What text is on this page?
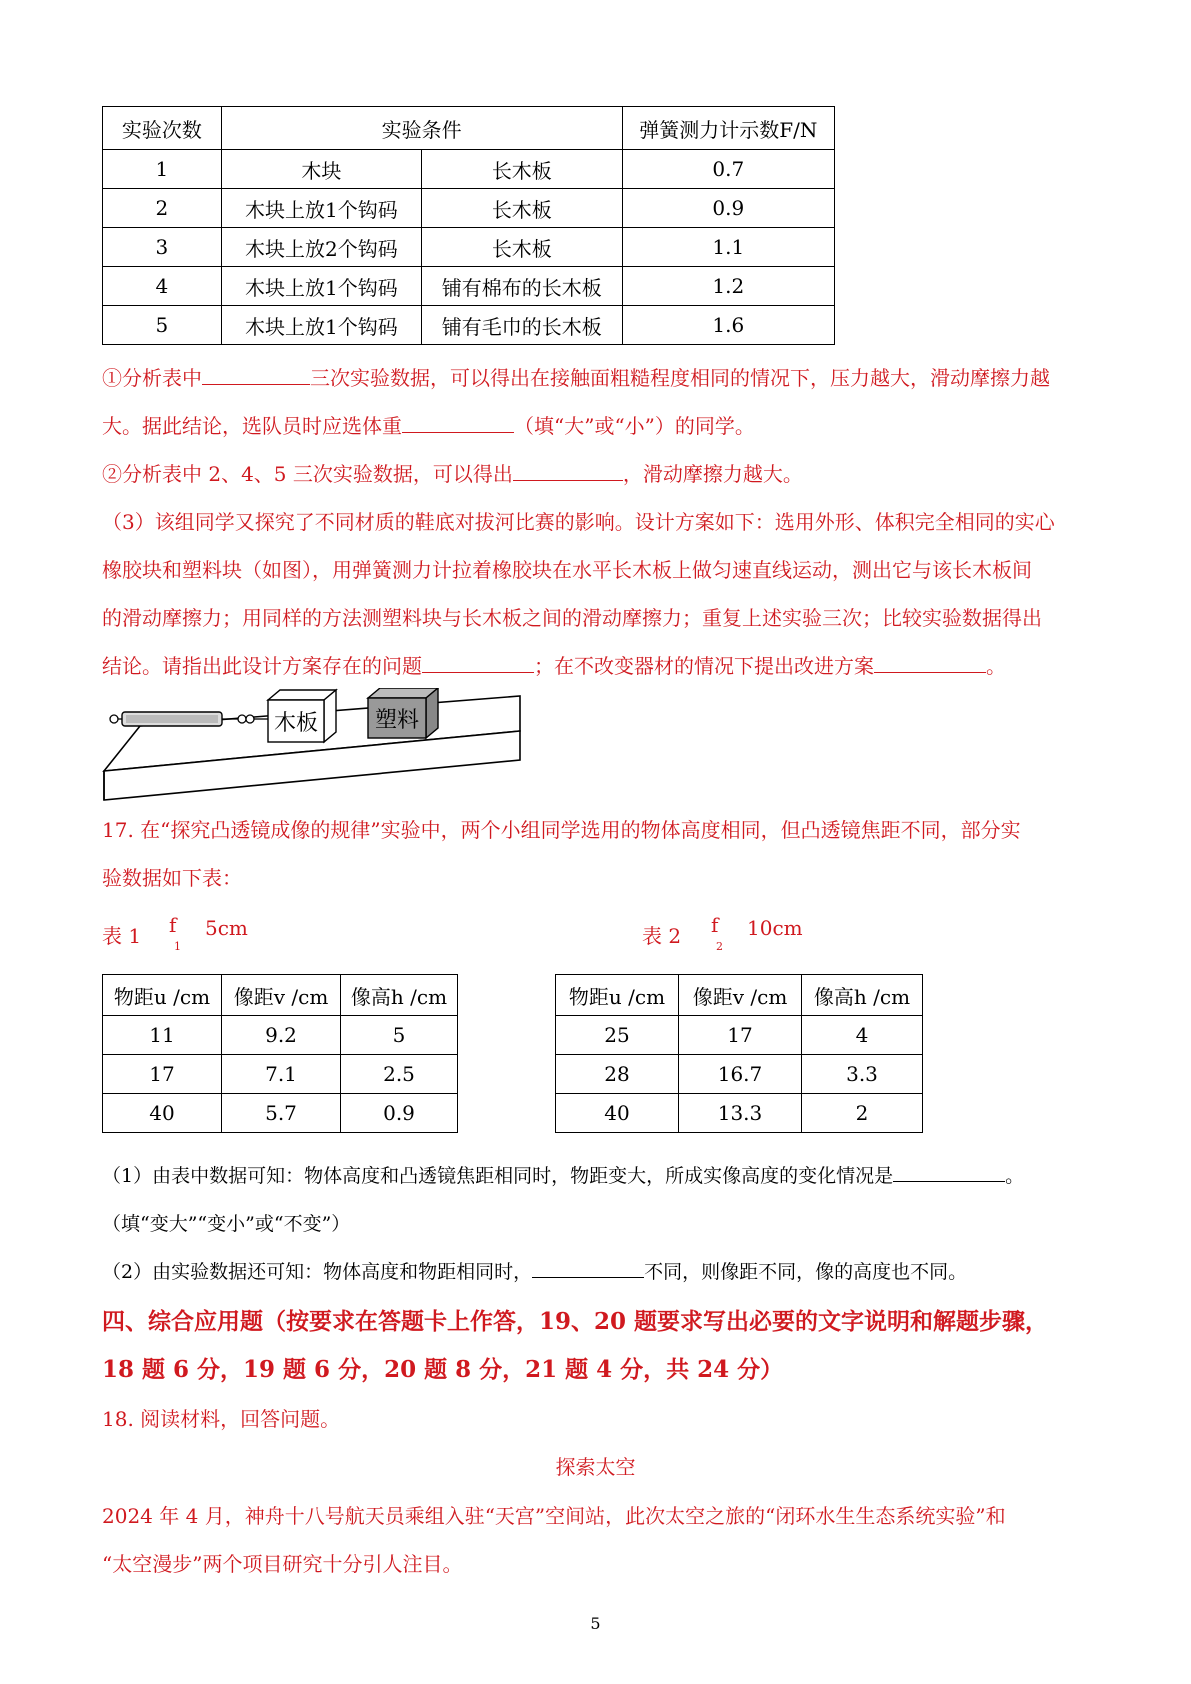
实验次数	实验条件		弹簧测力计示数F/N
1	木块	长木板	0.7
2	木块上放1个钩码	长木板	0.9
3	木块上放2个钩码	长木板	1.1
4	木块上放1个钩码	铺有棉布的长木板	1.2
5	木块上放1个钩码	铺有毛巾的长木板	1.6
①分析表中	三次实验数据，可以得出在接触面粗糙程度相同的情况下，压力越大，滑动摩擦力越
大。据此结论，选队员时应选体重	（填“大”或“小”）的同学。
②分析表中 2、4、5 三次实验数据，可以得出	，滑动摩擦力越大。
（3）该组同学又探究了不同材质的鞋底对拔河比赛的影响。设计方案如下：选用外形、体积完全相同的实心
橡胶块和塑料块（如图），用弹簧测力计拉着橡胶块在水平长木板上做匀速直线运动，测出它与该长木板间
的滑动摩擦力；用同样的方法测塑料块与长木板之间的滑动摩擦力；重复上述实验三次；比较实验数据得出
结论。请指出此设计方案存在的问题	；在不改变器材的情况下提出改进方案	。
木板	塑料
17. 在“探究凸透镜成像的规律”实验中，两个小组同学选用的物体高度相同，但凸透镜焦距不同，部分实
验数据如下表：
表 1 f
1
5cm	表 2 f
2
10cm
物距u /cm	像距v /cm	像高h /cm
11	9.2	5
17	7.1	2.5
40	5.7	0.9
物距u /cm	像距v /cm	像高h /cm
25	17	4
28	16.7	3.3
40	13.3	2
（1）由表中数据可知：物体高度和凸透镜焦距相同时，物距变大，所成实像高度的变化情况是	。
（填“变大”“变小”或“不变”）
（2）由实验数据还可知：物体高度和物距相同时，	不同，则像距不同，像的高度也不同。
四、综合应用题（按要求在答题卡上作答，19、20 题要求写出必要的文字说明和解题步骤，
18 题 6 分，19 题 6 分，20 题 8 分，21 题 4 分，共 24 分）
18. 阅读材料，回答问题。
探索太空
2024 年 4 月，神舟十八号航天员乘组入驻“天宫”空间站，此次太空之旅的“闭环水生生态系统实验”和
“太空漫步”两个项目研究十分引人注目。
5
